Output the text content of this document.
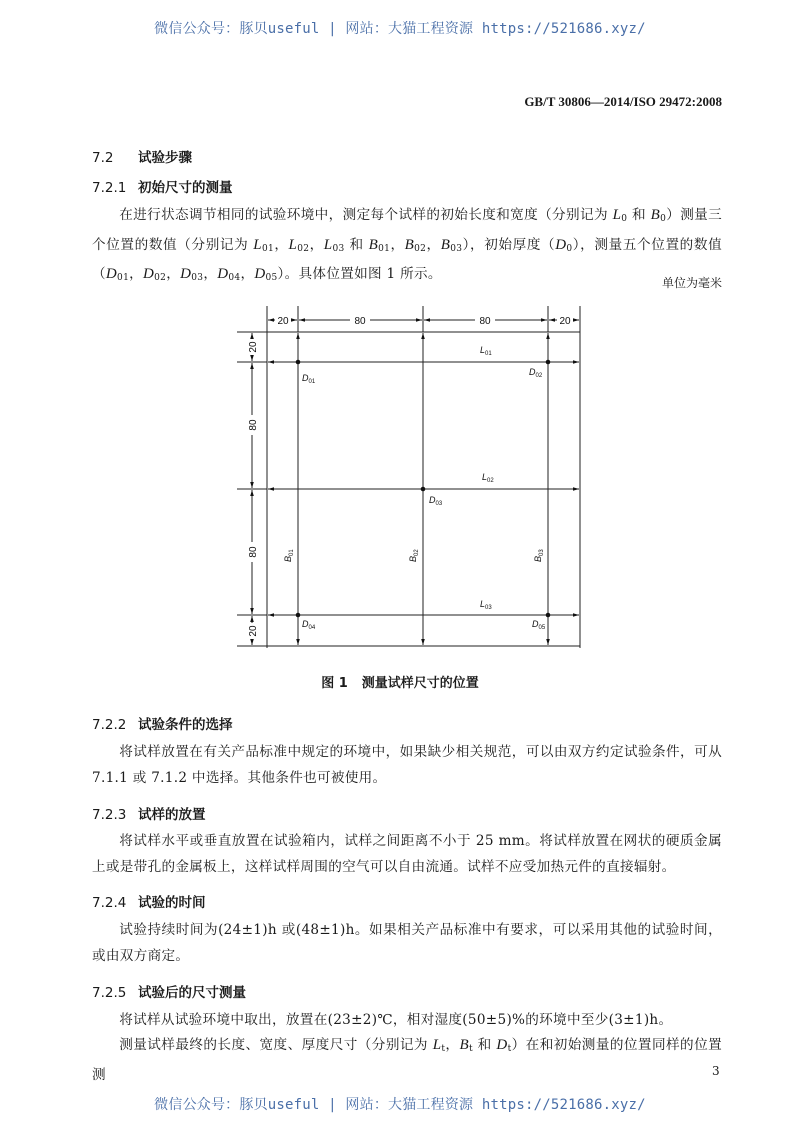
微信公众号：豚贝useful | 网站：大猫工程资源 https://521686.xyz/
GB/T 30806—2014/ISO 29472:2008
7.2 试验步骤
7.2.1 初始尺寸的测量
在进行状态调节相同的试验环境中，测定每个试样的初始长度和宽度（分别记为 $L_0$ 和 $B_0$）测量三个位置的数值（分别记为 $L_{01}$，$L_{02}$，$L_{03}$ 和 $B_{01}$，$B_{02}$，$B_{03}$），初始厚度$(D_0)$，测量五个位置的数值（$D_{01}$，$D_{02}$，$D_{03}$，$D_{04}$，$D_{05}$）。具体位置如图 1 所示。
单位为毫米
20	80	80	20
20
80
80
20
$L_{01}$
$L_{02}$
$L_{03}$
$D_{01}$
$D_{02}$
$D_{03}$
$D_{04}$	$D_{05}$
$B_{01}$
$B_{02}$
$B_{03}$
图 1 测量试样尺寸的位置
7.2.2 试验条件的选择
将试样放置在有关产品标准中规定的环境中，如果缺少相关规范，可以由双方约定试验条件，可从 7.1.1 或 7.1.2 中选择。其他条件也可被使用。
7.2.3 试样的放置
将试样水平或垂直放置在试验箱内，试样之间距离不小于 25 mm。将试样放置在网状的硬质金属上或是带孔的金属板上，这样试样周围的空气可以自由流通。试样不应受加热元件的直接辐射。
7.2.4 试验的时间
试验持续时间为(24±1)h 或(48±1)h。如果相关产品标准中有要求，可以采用其他的试验时间，或由双方商定。
7.2.5 试验后的尺寸测量
将试样从试验环境中取出，放置在(23±2)℃，相对湿度(50±5)%的环境中至少(3±1)h。
测量试样最终的长度、宽度、厚度尺寸（分别记为 $L_t$，$B_t$ 和 $D_t$）在和初始测量的位置同样的位置测	3
微信公众号：豚贝useful | 网站：大猫工程资源 https://521686.xyz/
